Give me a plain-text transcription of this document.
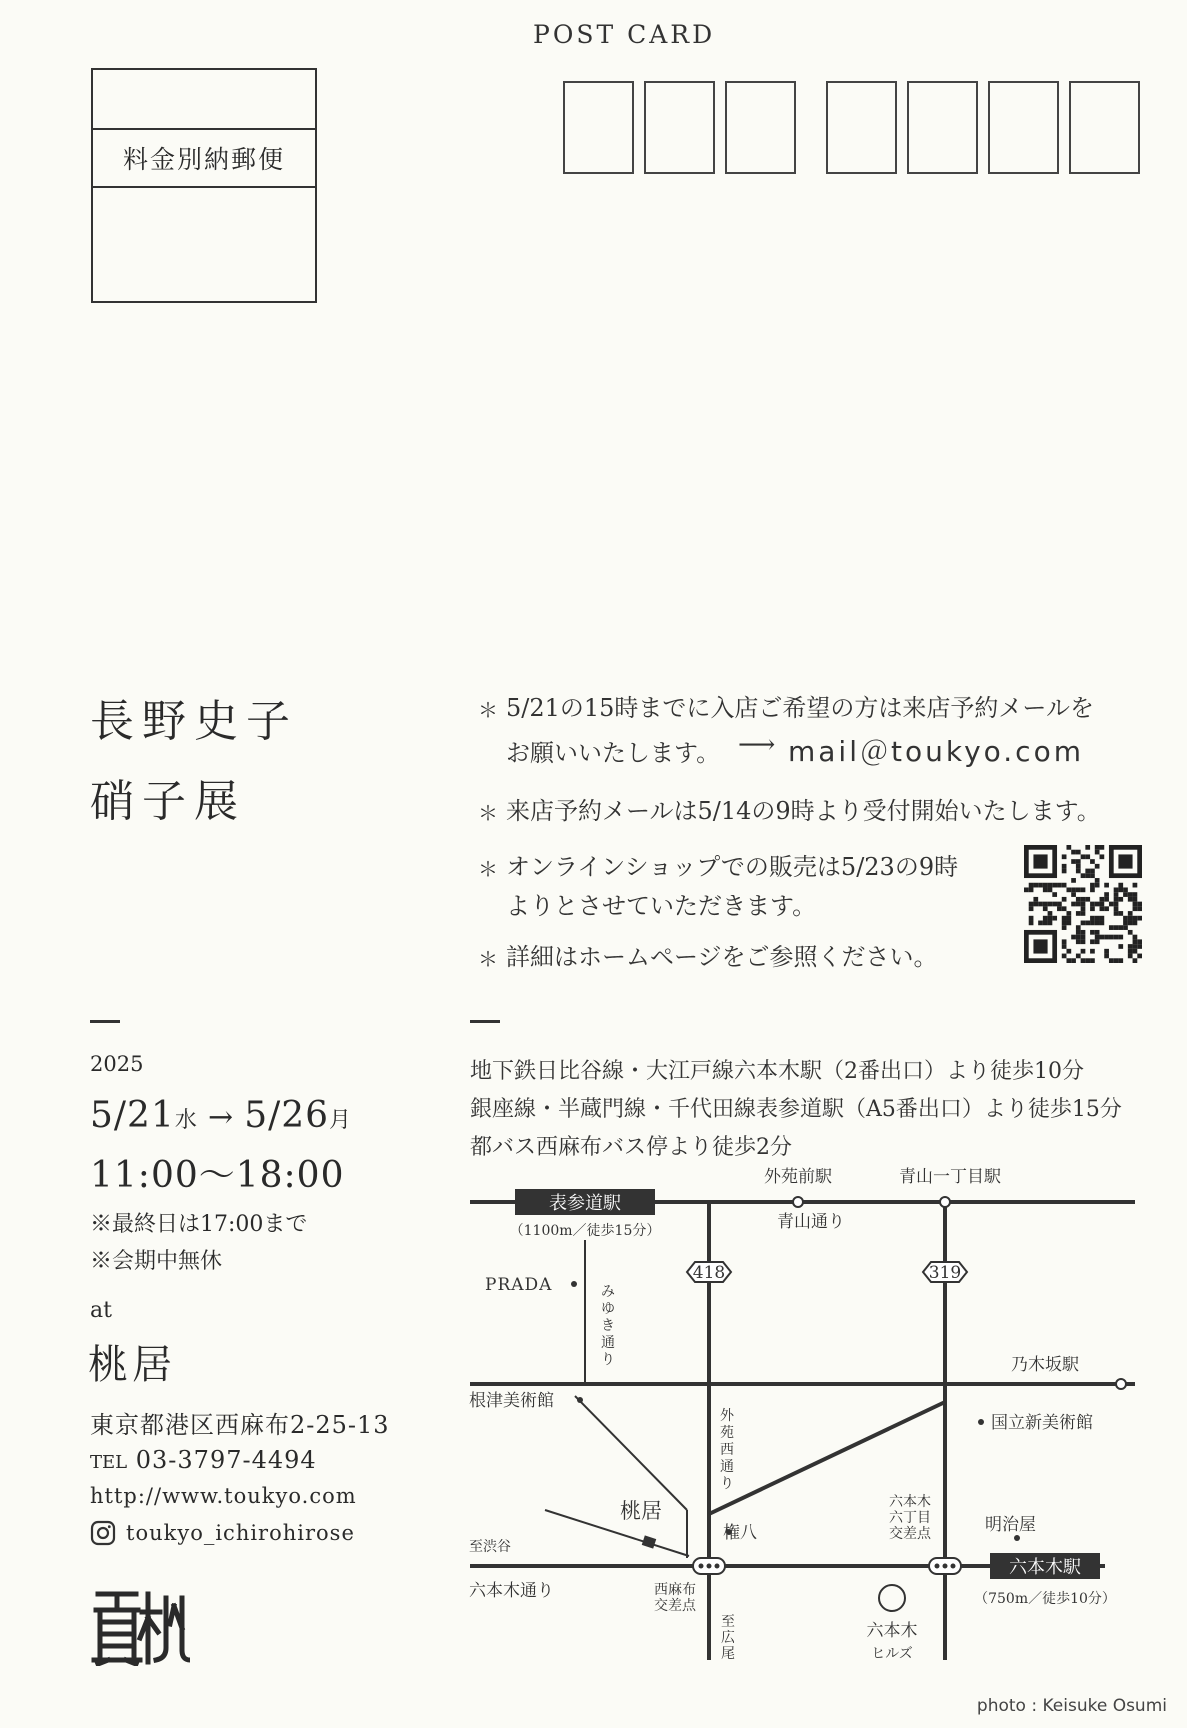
POST CARD
料金別納郵便
長野史子
硝子展
＊ 5/21の15時までに入店ご希望の方は来店予約メールを
お願いいたします。 ⟶ mail＠toukyo.com
＊ 来店予約メールは5/14の9時より受付開始いたします。
＊ オンラインショップでの販売は5/23の9時
よりとさせていただきます。
＊ 詳細はホームページをご参照ください。
2025
5/21水 → 5/26月
11:00〜18:00
※最終日は17:00まで
※会期中無休
at
桃居
東京都港区西麻布2-25-13
TEL 03-3797-4494
http://www.toukyo.com
toukyo_ichirohirose
地下鉄日比谷線・大江戸線六本木駅（2番出口）より徒歩10分
銀座線・半蔵門線・千代田線表参道駅（A5番出口）より徒歩15分
都バス西麻布バス停より徒歩2分
表参道駅
六本木駅
418	319
外苑前駅	青山一丁目駅
（1100m／徒歩15分）	青山通り
PRADA	み
ゆ
き
通
り	乃木坂駅
根津美術館
国立新美術館
外
苑
西
通
り
桃居
権八
六本木
六丁目
交差点	明治屋
至渋谷
六本木通り	西麻布
交差点
至
広
尾
六本木
ヒルズ
（750m／徒歩10分）
photo : Keisuke Osumi
